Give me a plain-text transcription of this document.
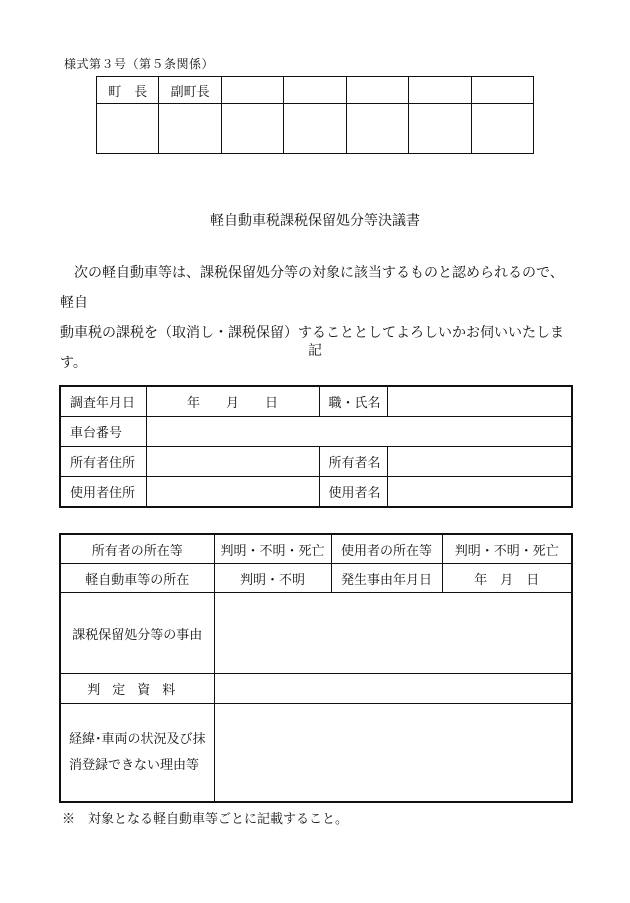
様式第３号（第５条関係）
町　長	副町長					

軽自動車税課税保留処分等決議書

次の軽自動車等は、課税保留処分等の対象に該当するものと認められるので、軽自

動車税の課税を（取消し・課税保留）することとしてよろしいかお伺いいたします。
記
調査年月日	年　　月　　日	職・氏名	
車台番号			
所有者住所		所有者名	
使用者住所		使用者名	
所有者の所在等	判明・不明・死亡	使用者の所在等	判明・不明・死亡
軽自動車等の所在	判明・不明	発生事由年月日	年　月　日
課税保留処分等の事由			
判定資料			

経緯･車両の状況及び抹
消登録できない理由等			

※　対象となる軽自動車等ごとに記載すること。
